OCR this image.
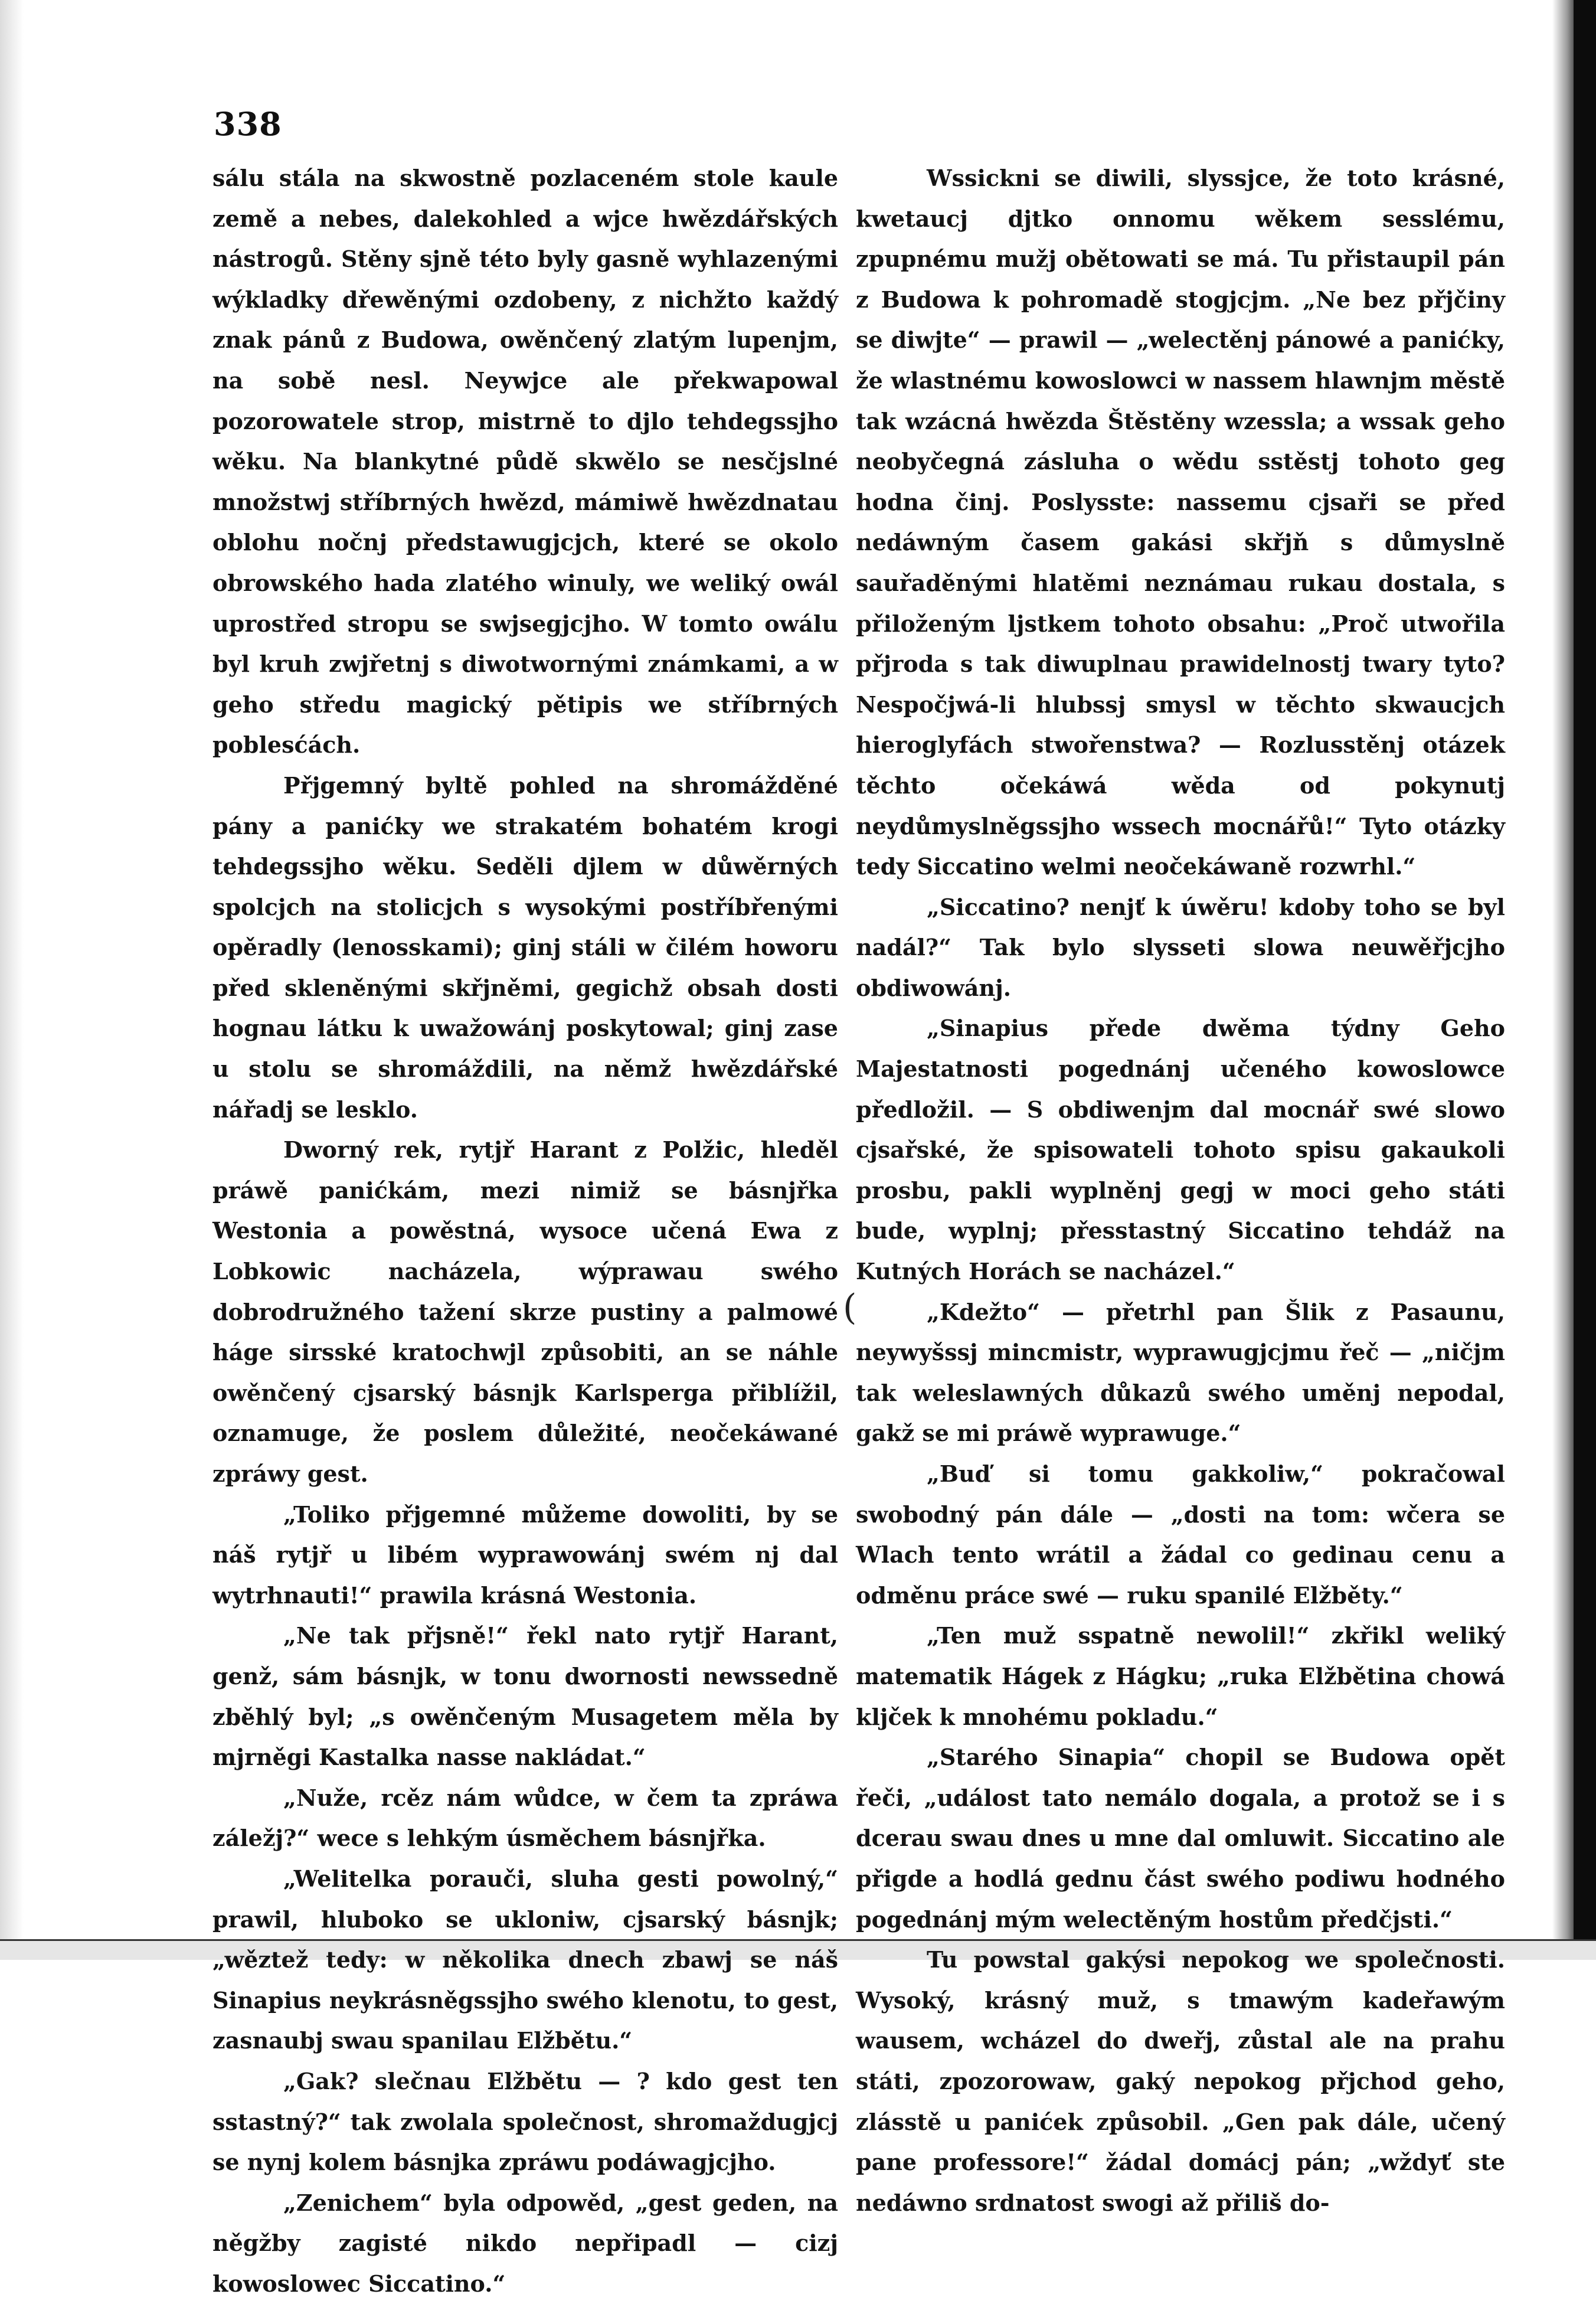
338

sálu stála na skwostně pozlaceném stole kaule země a nebes, dalekohled a wjce hwězdářských nástrogů. Stěny sjně této byly gasně wyhlazenými wýkladky dřewěnými ozdobeny, z nichžto každý znak pánů z Budowa, owěnčený zlatým lupenjm, na sobě nesl. Neywjce ale překwapowal pozorowatele strop, mistrně to djlo tehdegssjho wěku. Na blankytné půdě skwělo se nesčjslné množstwj stříbrných hwězd, mámiwě hwězdnatau oblohu nočnj předstawugjcjch, které se okolo obrowského hada zlatého winuly, we weliký owál uprostřed stropu se swjsegjcjho. W tomto owálu byl kruh zwjřetnj s diwotwornými známkami, a w geho středu magický pětipis we stříbrných poblesćách.

Přjgemný byltě pohled na shromážděné pány a panićky we strakatém bohatém krogi tehdegssjho wěku. Seděli djlem w důwěrných spolcjch na stolicjch s wysokými postříbřenými opěradly (lenosskami); ginj stáli w čilém howoru před skleněnými skřjněmi, gegichž obsah dosti hognau látku k uwažowánj poskytowal; ginj zase u stolu se shromáždili, na němž hwězdářské nářadj se lesklo.

Dworný rek, rytjř Harant z Polžic, hleděl práwě panićkám, mezi nimiž se básnjřka Westonia a powěstná, wysoce učená Ewa z Lobkowic nacházela, wýprawau swého dobrodružného tažení skrze pustiny a palmowé háge sirsské kratochwjl způsobiti, an se náhle owěnčený cjsarský básnjk Karlsperga přiblížil, oznamuge, že poslem důležité, neočekáwané zpráwy gest.

„Toliko přjgemné můžeme dowoliti, by se náš rytjř u libém wyprawowánj swém nj dal wytrhnauti!“ prawila krásná Westonia.

„Ne tak přjsně!“ řekl nato rytjř Harant, genž, sám básnjk, w tonu dwornosti newssedně zběhlý byl; „s owěnčeným Musagetem měla by mjrněgi Kastalka nasse nakládat.“

„Nuže, rcěz nám wůdce, w čem ta zpráwa záležj?“ wece s lehkým úsměchem básnjřka.

„Welitelka porauči, sluha gesti powolný,“ prawil, hluboko se ukloniw, cjsarský básnjk; „wěztež tedy: w několika dnech zbawj se náš Sinapius neykrásněgssjho swého klenotu, to gest, zasnaubj swau spanilau Elžbětu.“

„Gak? slečnau Elžbětu — ? kdo gest ten sstastný?“ tak zwolala společnost, shromaždugjcj se nynj kolem básnjka zpráwu podáwagjcjho.

„Zenichem“ byla odpowěd, „gest geden, na něgžby zagisté nikdo nepřipadl — cizj kowoslowec Siccatino.“

(

Wssickni se diwili, slyssjce, že toto krásné, kwetaucj djtko onnomu wěkem sesslému, zpupnému mužj obětowati se má. Tu přistaupil pán z Budowa k pohromadě stogjcjm. „Ne bez přjčiny se diwjte“ — prawil — „welectěnj pánowé a panićky, že wlastnému kowoslowci w nassem hlawnjm městě tak wzácná hwězda Štěstěny wzessla; a wssak geho neobyčegná zásluha o wědu sstěstj tohoto geg hodna činj. Poslysste: nassemu cjsaři se před nedáwným časem gakási skřjň s důmyslně sauřaděnými hlatěmi neznámau rukau dostala, s přiloženým ljstkem tohoto obsahu: „Proč utwořila přjroda s tak diwuplnau prawidelnostj twary tyto? Nespočjwá-li hlubssj smysl w těchto skwaucjch hieroglyfách stwořenstwa? — Rozlusstěnj otázek těchto očekáwá wěda od pokynutj neydůmyslněgssjho wssech mocnářů!“ Tyto otázky tedy Siccatino welmi neočekáwaně rozwrhl.“

„Siccatino? nenjť k úwěru! kdoby toho se byl nadál?“ Tak bylo slysseti slowa neuwěřjcjho obdiwowánj.

„Sinapius přede dwěma týdny Geho Majestatnosti pogednánj učeného kowoslowce předložil. — S obdiwenjm dal mocnář swé slowo cjsařské, že spisowateli tohoto spisu gakaukoli prosbu, pakli wyplněnj gegj w moci geho státi bude, wyplnj; přesstastný Siccatino tehdáž na Kutných Horách se nacházel.“

„Kdežto“ — přetrhl pan Šlik z Pasaunu, neywyšssj mincmistr, wyprawugjcjmu řeč — „ničjm tak weleslawných důkazů swého uměnj nepodal, gakž se mi práwě wyprawuge.“

„Buď si tomu gakkoliw,“ pokračowal swobodný pán dále — „dosti na tom: wčera se Wlach tento wrátil a žádal co gedinau cenu a odměnu práce swé — ruku spanilé Elžběty.“

„Ten muž sspatně newolil!“ zkřikl weliký matematik Hágek z Hágku; „ruka Elžbětina chowá kljček k mnohému pokladu.“

„Starého Sinapia“ chopil se Budowa opět řeči, „událost tato nemálo dogala, a protož se i s dcerau swau dnes u mne dal omluwit. Siccatino ale přigde a hodlá gednu část swého podiwu hodného pogednánj mým welectěným hostům předčjsti.“

Tu powstal gakýsi nepokog we společnosti. Wysoký, krásný muž, s tmawým kadeřawým wausem, wcházel do dweřj, zůstal ale na prahu státi, zpozorowaw, gaký nepokog přjchod geho, zlásstě u panićek způsobil. „Gen pak dále, učený pane professore!“ žádal domácj pán; „wždyť ste nedáwno srdnatost swogi až přiliš do-
